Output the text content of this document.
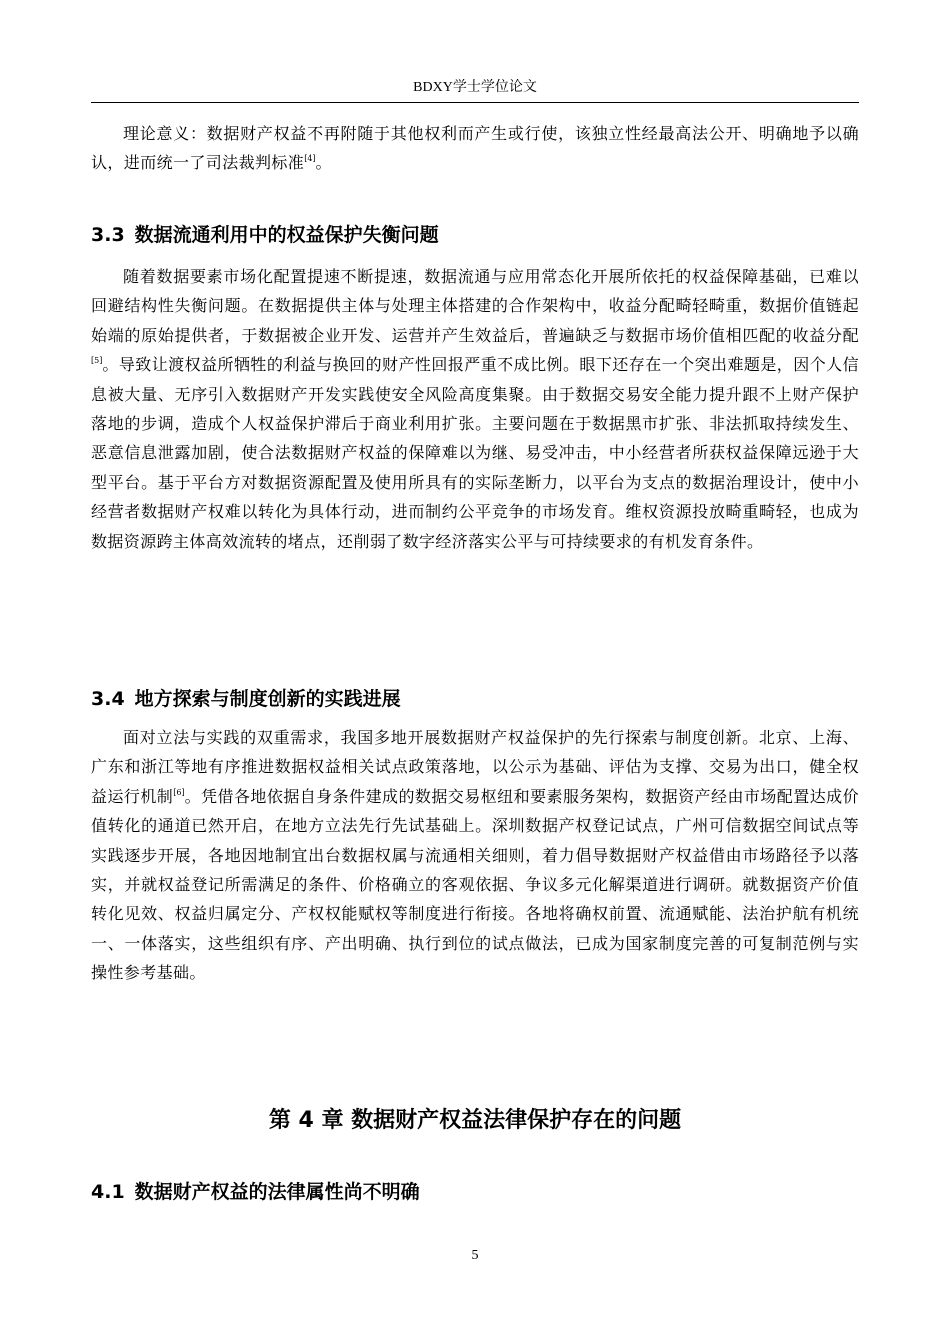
BDXY学士学位论文

理论意义：数据财产权益不再附随于其他权利而产生或行使，该独立性经最高法公开、明确地予以确认，进而统一了司法裁判标准[4]。

3.3 数据流通利用中的权益保护失衡问题

随着数据要素市场化配置提速不断提速，数据流通与应用常态化开展所依托的权益保障基础，已难以回避结构性失衡问题。在数据提供主体与处理主体搭建的合作架构中，收益分配畸轻畸重，数据价值链起始端的原始提供者，于数据被企业开发、运营并产生效益后，普遍缺乏与数据市场价值相匹配的收益分配[5]。导致让渡权益所牺牲的利益与换回的财产性回报严重不成比例。眼下还存在一个突出难题是，因个人信息被大量、无序引入数据财产开发实践使安全风险高度集聚。由于数据交易安全能力提升跟不上财产保护落地的步调，造成个人权益保护滞后于商业利用扩张。主要问题在于数据黑市扩张、非法抓取持续发生、恶意信息泄露加剧，使合法数据财产权益的保障难以为继、易受冲击，中小经营者所获权益保障远逊于大型平台。基于平台方对数据资源配置及使用所具有的实际垄断力，以平台为支点的数据治理设计，使中小经营者数据财产权难以转化为具体行动，进而制约公平竞争的市场发育。维权资源投放畸重畸轻，也成为数据资源跨主体高效流转的堵点，还削弱了数字经济落实公平与可持续要求的有机发育条件。

3.4 地方探索与制度创新的实践进展

面对立法与实践的双重需求，我国多地开展数据财产权益保护的先行探索与制度创新。北京、上海、广东和浙江等地有序推进数据权益相关试点政策落地，以公示为基础、评估为支撑、交易为出口，健全权益运行机制[6]。凭借各地依据自身条件建成的数据交易枢纽和要素服务架构，数据资产经由市场配置达成价值转化的通道已然开启，在地方立法先行先试基础上。深圳数据产权登记试点，广州可信数据空间试点等实践逐步开展，各地因地制宜出台数据权属与流通相关细则，着力倡导数据财产权益借由市场路径予以落实，并就权益登记所需满足的条件、价格确立的客观依据、争议多元化解渠道进行调研。就数据资产价值转化见效、权益归属定分、产权权能赋权等制度进行衔接。各地将确权前置、流通赋能、法治护航有机统一、一体落实，这些组织有序、产出明确、执行到位的试点做法，已成为国家制度完善的可复制范例与实操性参考基础。

第 4 章 数据财产权益法律保护存在的问题
4.1 数据财产权益的法律属性尚不明确
5
